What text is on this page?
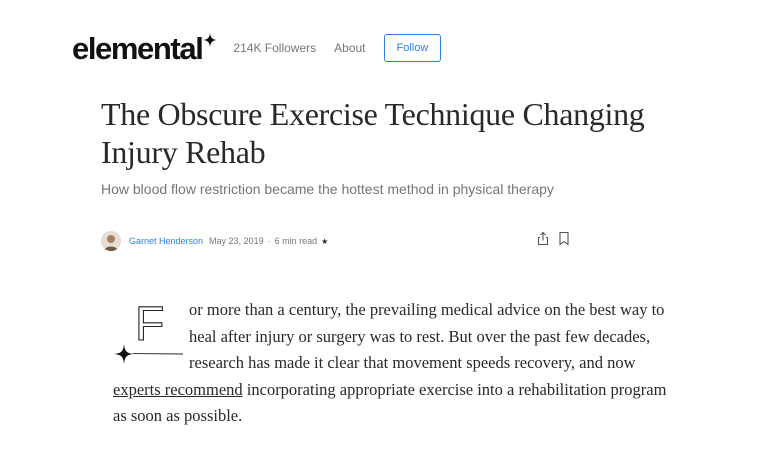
elemental	214K Followers About	Follow
The Obscure Exercise Technique Changing Injury Rehab

How blood flow restriction became the hottest method in physical therapy

Garnet Henderson May 23, 2019 · 6 min read ★
F	or more than a century, the prevailing medical advice on the best way to heal after injury or surgery was to rest. But over the past few decades, research has made it clear that movement speeds recovery, and now experts recommend incorporating appropriate exercise into a rehabilitation program as soon as possible.
